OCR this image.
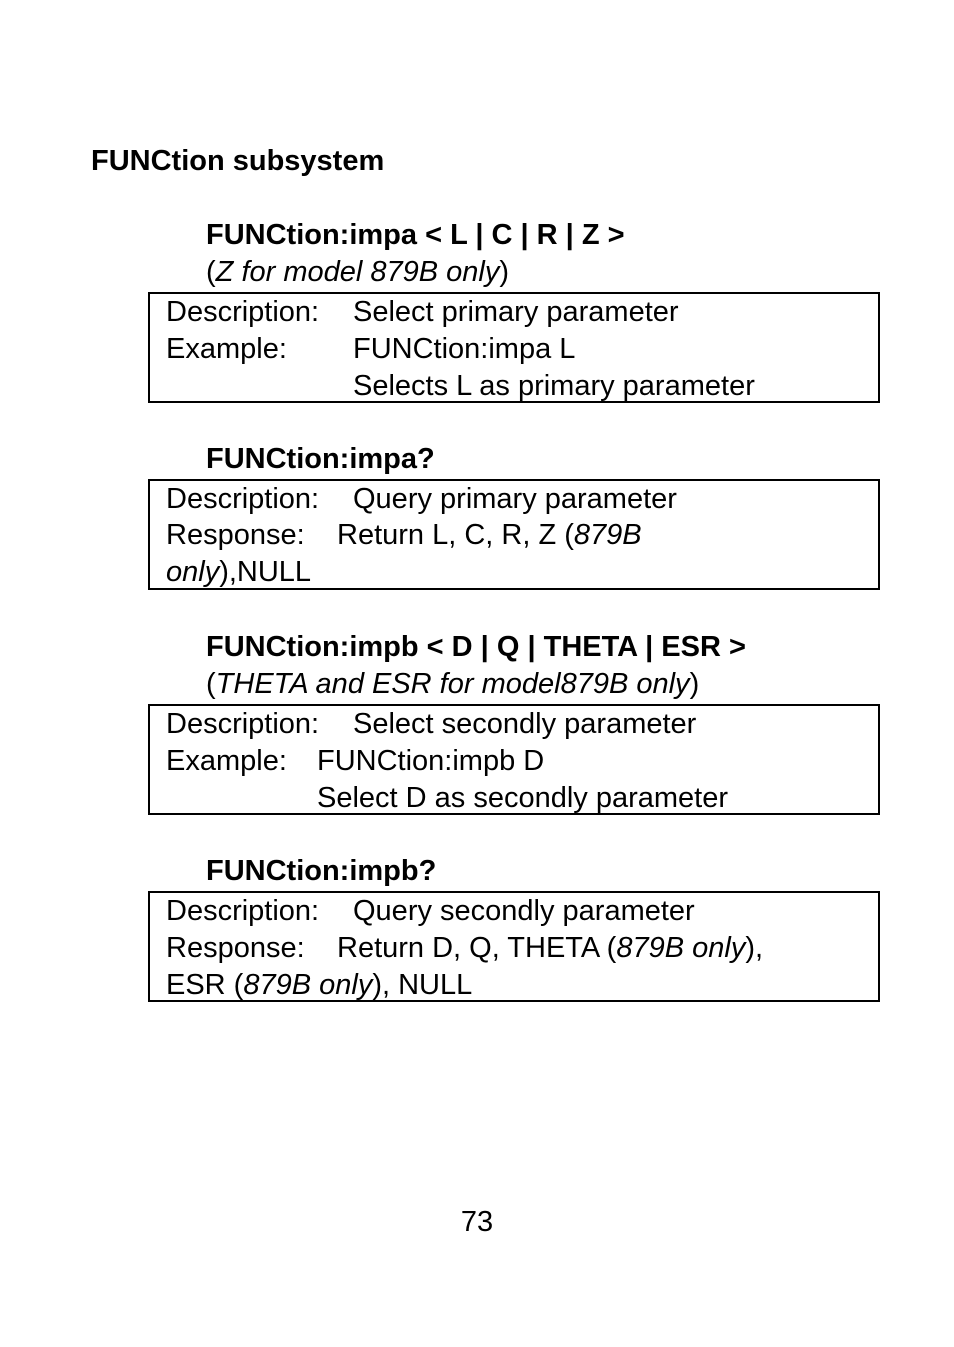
FUNCtion subsystem
FUNCtion:impa < L | C | R | Z >
(Z for model 879B only)
Description: Select primary parameter
Example: FUNCtion:impa L
Selects L as primary parameter
FUNCtion:impa?
Description: Query primary parameter
Response: Return L, C, R, Z (879B
only),NULL
FUNCtion:impb < D | Q | THETA | ESR >
(THETA and ESR for model879B only)
Description: Select secondly parameter
Example: FUNCtion:impb D
Select D as secondly parameter
FUNCtion:impb?
Description: Query secondly parameter
Response: Return D, Q, THETA (879B only),
ESR (879B only), NULL
73
